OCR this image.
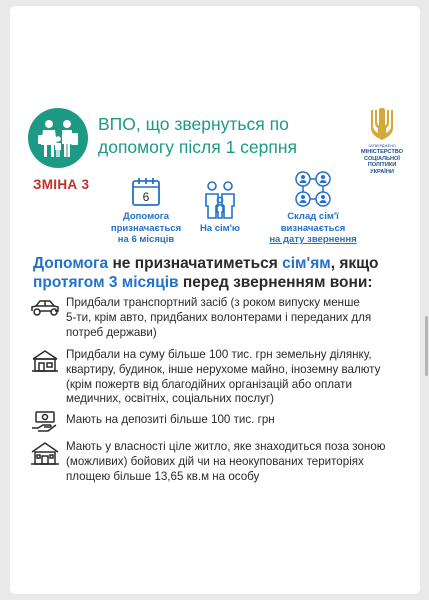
ВПО, що звернуться по
допомогу після 1 серпня	ЗАТВЕРДЖЕНО
МІНІСТЕРСТВО
СОЦІАЛЬНОЇ ПОЛІТИКИ
УКРАЇНИ
ЗМІНА 3
6
Допомога
призначається
на 6 місяців
На сім'ю
Склад сім'ї
визначається
на дату звернення
Допомога не призначатиметься сім'ям, якщо
протягом 3 місяців перед зверненням вони:
Придбали транспортний засіб (з роком випуску менше
5-ти, крім авто, придбаних волонтерами і переданих для
потреб держави)
Придбали на суму більше 100 тис. грн земельну ділянку,
квартиру, будинок, інше нерухоме майно, іноземну валюту
(крім пожертв від благодійних організацій або оплати
медичних, освітніх, соціальних послуг)
Мають на депозиті більше 100 тис. грн
Мають у власності ціле житло, яке знаходиться поза зоною
(можливих) бойових дій чи на неокупованих територіях
площею більше 13,65 кв.м на особу
